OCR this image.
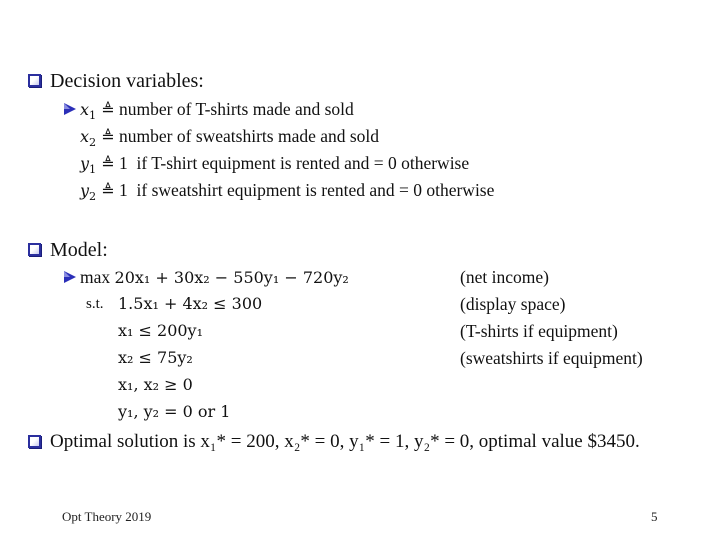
Decision variables:
$x_1$ ≜ number of T-shirts made and sold
$x_2$ ≜ number of sweatshirts made and sold
$y_1$ ≜ 1  if T-shirt equipment is rented and = 0 otherwise
$y_2$ ≜ 1  if sweatshirt equipment is rented and = 0 otherwise
Model:
max 20x₁ + 30x₂ − 550y₁ − 720y₂	(net income)
s.t. 1.5x₁ + 4x₂ ≤ 300	(display space)
x₁ ≤ 200y₁	(T-shirts if equipment)
x₂ ≤ 75y₂	(sweatshirts if equipment)
x₁, x₂ ≥ 0
y₁, y₂ = 0 or 1
Optimal solution is x₁* = 200, x₂* = 0, y₁* = 1, y₂* = 0, optimal value $3450.
Opt Theory 2019	5
